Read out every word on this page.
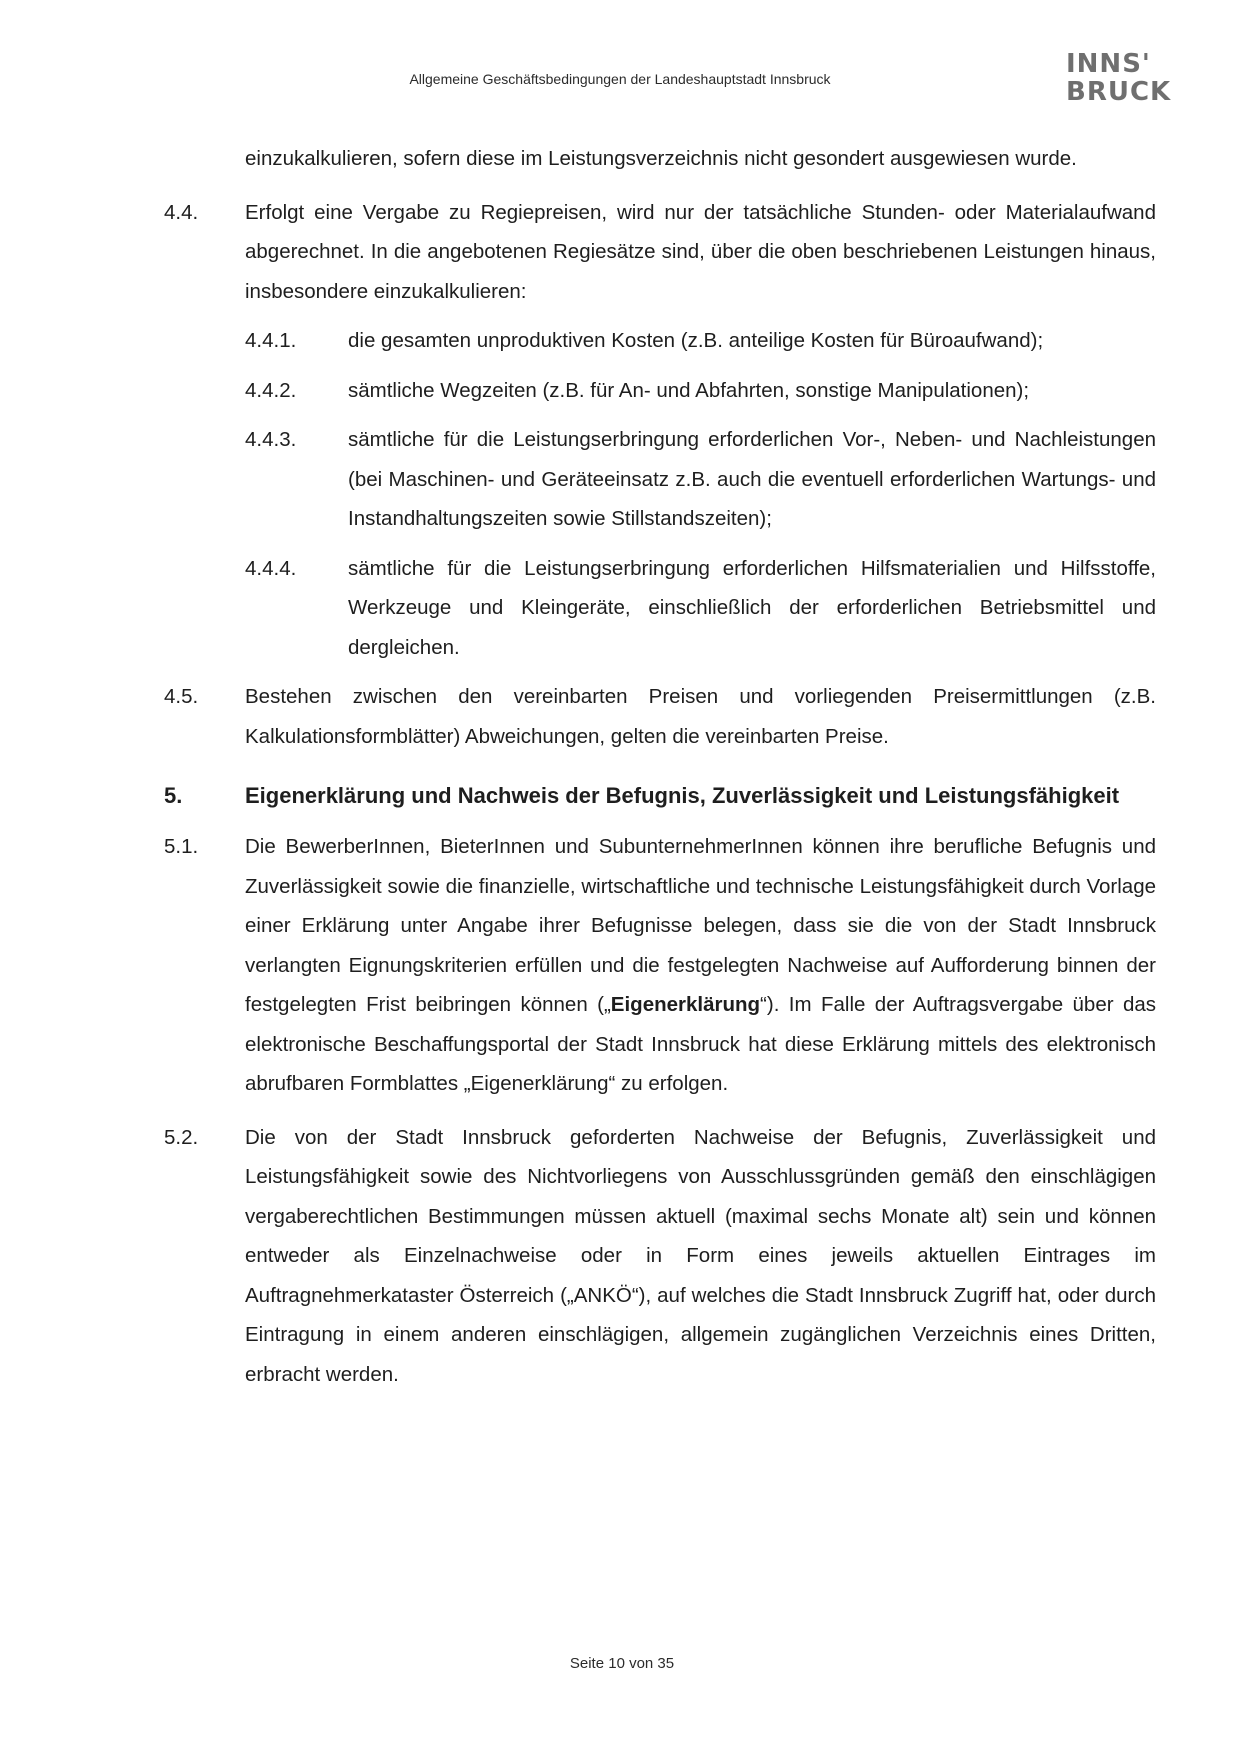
Allgemeine Geschäftsbedingungen der Landeshauptstadt Innsbruck	INNS'
BRUCK

einzukalkulieren, sofern diese im Leistungsverzeichnis nicht gesondert ausgewiesen wurde.

4.4.	Erfolgt eine Vergabe zu Regiepreisen, wird nur der tatsächliche Stunden- oder Materialaufwand abgerechnet. In die angebotenen Regiesätze sind, über die oben beschriebenen Leistungen hinaus, insbesondere einzukalkulieren:

4.4.1.	die gesamten unproduktiven Kosten (z.B. anteilige Kosten für Büroaufwand);

4.4.2.	sämtliche Wegzeiten (z.B. für An- und Abfahrten, sonstige Manipulationen);

4.4.3.	sämtliche für die Leistungserbringung erforderlichen Vor-, Neben- und Nachleistungen (bei Maschinen- und Geräteeinsatz z.B. auch die eventuell erforderlichen Wartungs- und Instandhaltungszeiten sowie Stillstandszeiten);

4.4.4.	sämtliche für die Leistungserbringung erforderlichen Hilfsmaterialien und Hilfsstoffe, Werkzeuge und Kleingeräte, einschließlich der erforderlichen Betriebsmittel und dergleichen.

4.5.	Bestehen zwischen den vereinbarten Preisen und vorliegenden Preisermittlungen (z.B. Kalkulationsformblätter) Abweichungen, gelten die vereinbarten Preise.

5.	Eigenerklärung und Nachweis der Befugnis, Zuverlässigkeit und Leistungsfähigkeit

5.1.	Die BewerberInnen, BieterInnen und SubunternehmerInnen können ihre berufliche Befugnis und Zuverlässigkeit sowie die finanzielle, wirtschaftliche und technische Leistungsfähigkeit durch Vorlage einer Erklärung unter Angabe ihrer Befugnisse belegen, dass sie die von der Stadt Innsbruck verlangten Eignungskriterien erfüllen und die festgelegten Nachweise auf Aufforderung binnen der festgelegten Frist beibringen können („Eigenerklärung“). Im Falle der Auftragsvergabe über das elektronische Beschaffungsportal der Stadt Innsbruck hat diese Erklärung mittels des elektronisch abrufbaren Formblattes „Eigenerklärung“ zu erfolgen.

5.2.	Die von der Stadt Innsbruck geforderten Nachweise der Befugnis, Zuverlässigkeit und Leistungsfähigkeit sowie des Nichtvorliegens von Ausschlussgründen gemäß den einschlägigen vergaberechtlichen Bestimmungen müssen aktuell (maximal sechs Monate alt) sein und können entweder als Einzelnachweise oder in Form eines jeweils aktuellen Eintrages im Auftragnehmerkataster Österreich („ANKÖ“), auf welches die Stadt Innsbruck Zugriff hat, oder durch Eintragung in einem anderen einschlägigen, allgemein zugänglichen Verzeichnis eines Dritten, erbracht werden.

Seite 10 von 35
